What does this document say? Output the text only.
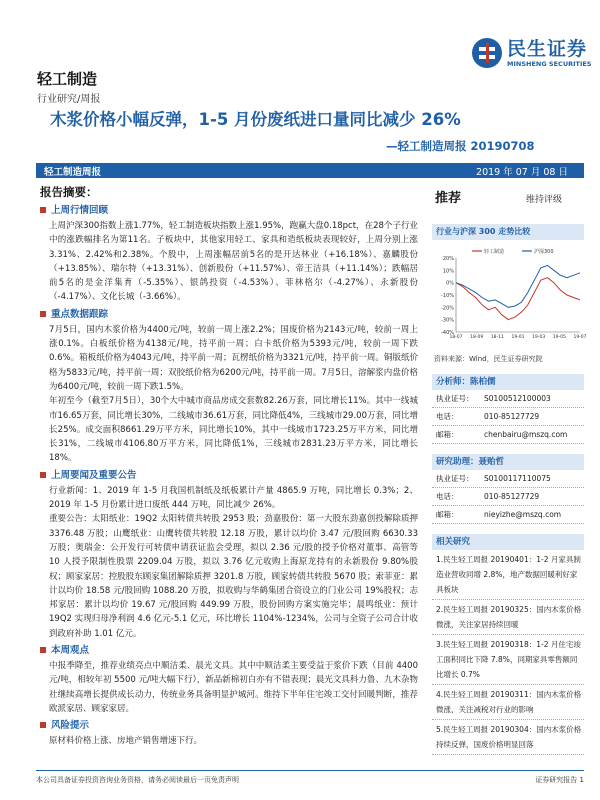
民生证券
MINSHENG SECURITIES
轻工制造
行业研究/周报
木浆价格小幅反弹，1-5 月份废纸进口量同比减少 26%
—轻工制造周报 20190708
轻工制造周报	2019 年 07 月 08 日
报告摘要：
上周行情回顾

上周沪深300指数上涨1.77%，轻工制造板块指数上涨1.95%，跑赢大盘0.18pct，在28个子行业中的涨跌幅排名为第11名。子板块中，其他家用轻工、家具和造纸板块表现较好，上周分别上涨3.31%、2.42%和2.38%。个股中，上周涨幅居前5名的是开达林业（+16.18%）、嘉麟股份（+13.85%）、瑞尔特（+13.31%）、创新股份（+11.57%）、帝王洁具（+11.14%）；跌幅居前5名的是金洋集育（-5.35%）、银鸽投资（-4.53%）、菲林格尔（-4.27%）、永新股份（-4.17%）、文化长城（-3.66%）。

重点数据跟踪

7月5日，国内木浆价格为4400元/吨，较前一周上涨2.2%；国废价格为2143元/吨，较前一周上涨0.1%。白板纸价格为4138元/吨，持平前一周；白卡纸价格为5393元/吨，较前一周下跌0.6%。箱板纸价格为4043元/吨，持平前一周；瓦楞纸价格为3321元/吨，持平前一周。铜版纸价格为5833元/吨，持平前一周；双胶纸价格为6200元/吨，持平前一周。7月5日，溶解浆内盘价格为6400元/吨，较前一周下跌1.5%。

年初至今（截至7月5日），30个大中城市商品房成交套数82.26万套，同比增长11%。其中一线城市16.65万套，同比增长30%，二线城市36.61万套，同比降低4%，三线城市29.00万套，同比增长25%。成交面积8661.29万平方米，同比增长10%，其中一线城市1723.25万平方米，同比增长31%，二线城市4106.80万平方米，同比降低1%，三线城市2831.23万平方米，同比增长18%。

上周要闻及重要公告

行业新闻：1、2019 年 1-5 月我国机制纸及纸板累计产量 4865.9 万吨，同比增长 0.3%；2、2019 年 1-5 月份累计进口废纸 444 万吨，同比减少 26%。

重要公告：太阳纸业：19Q2 太阳转债共转股 2953 股；劲嘉股份：第一大股东劲嘉创投解除质押 3376.48 万股；山鹰纸业：山鹰转债共转股 12.18 万股，累计以均价 3.47 元/股回购 6630.33 万股；奥瑞金：公开发行可转债申请获证监会受理，拟以 2.36 元/股的授予价格对董事、高管等 10 人授予限制性股票 2209.04 万股，拟以 3.76 亿元收购上海原龙持有的永新股份 9.80%股权；顾家家居：控股股东顾家集团解除质押 3201.8 万股，顾家转债共转股 5670 股；索菲亚：累计以均价 18.58 元/股回购 1088.20 万股，拟收购与华鹤集团合资设立的门业公司 19%股权；志邦家居：累计以均价 19.67 元/股回购 449.99 万股，股份回购方案实施完毕；晨鸣纸业：预计 19Q2 实现归母净利润 4.6 亿元-5.1 亿元，环比增长 1104%-1234%，公司与全资子公司合计收到政府补助 1.01 亿元。

本周观点

中报季降至，推荐业绩亮点中顺洁柔、晨光文具。其中中顺洁柔主要受益于浆价下跌（目前 4400 元/吨，相较年初 5500 元/吨大幅下行），新品新棉初白亦有不错表现；晨光文具科力鲁、九木杂物社继续高增长提供成长动力，传统业务具备明显护城河。维持下半年住宅竣工交付回暖判断，推荐欧派家居、顾家家居。

风险提示

原材料价格上涨、房地产销售增速下行。

推荐	维持评级
行业与沪深 300 走势比较
20%
10%
0%
-10%
-20%
-30%
-40%
18-07 18-09 18-11 19-01 19-03 19-05 19-07
轻工制造	沪深300
资料来源：Wind，民生证券研究院
分析师：陈柏儒
执业证号：	S0100512100003
电话：	010-85127729
邮箱：	chenbairu@mszq.com
研究助理：聂贻哲
执业证号：	S0100117110075
电话：	010-85127729
邮箱：	nieyizhe@mszq.com
相关研究
1.民生轻工周报 20190401：1-2 月家具制造业营收同增 2.8%，地产数据回暖利好家具板块
2.民生轻工周报 20190325：国内木浆价格微涨，关注家居持续回暖
3.民生轻工周报 20190318：1-2 月住宅竣工面积同比下降 7.8%，同期家具零售额同比增长 0.7%
4.民生轻工周报 20190311：国内木浆价格微涨，关注减税对行业的影响
5.民生轻工周报 20190304：国内木浆价格持续反弹，国废价格明显回落
本公司具备证券投资咨询业务资格，请务必阅读最后一页免责声明	证券研究报告 1
